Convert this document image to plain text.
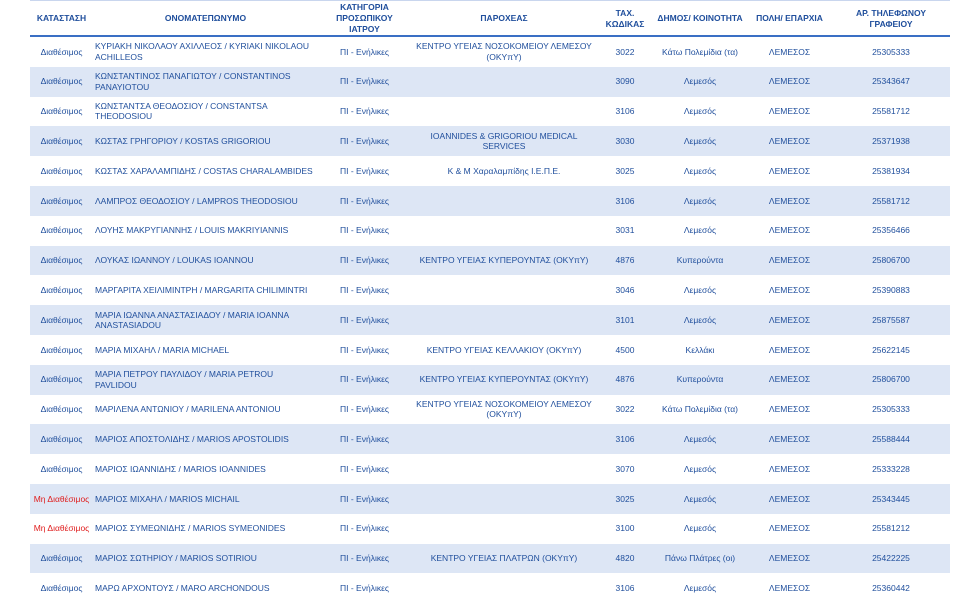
ΚΑΤΑΣΤΑΣΗ	ΟΝΟΜΑΤΕΠΩΝΥΜΟ	ΚΑΤΗΓΟΡΙΑ ΠΡΟΣΩΠΙΚΟΥ ΙΑΤΡΟΥ	ΠΑΡΟΧΕΑΣ	ΤΑΧ. ΚΩΔΙΚΑΣ	ΔΗΜΟΣ/ ΚΟΙΝΟΤΗΤΑ	ΠΟΛΗ/ ΕΠΑΡΧΙΑ	ΑΡ. ΤΗΛΕΦΩΝΟΥ ΓΡΑΦΕΙΟΥ
Διαθέσιμος	ΚΥΡΙΑΚΗ ΝΙΚΟΛΑΟΥ ΑΧΙΛΛΕΟΣ / KYRIAKI NIKOLAOU ACHILLEOS	ΠΙ - Ενήλικες	ΚΕΝΤΡΟ ΥΓΕΙΑΣ ΝΟΣΟΚΟΜΕΙΟΥ ΛΕΜΕΣΟΥ (ΟΚΥπΥ)	3022	Κάτω Πολεμίδια (τα)	ΛΕΜΕΣΟΣ	25305333
Διαθέσιμος	ΚΩΝΣΤΑΝΤΙΝΟΣ ΠΑΝΑΓΙΩΤΟΥ / CONSTANTINOS PANAYIOTOU	ΠΙ - Ενήλικες		3090	Λεμεσός	ΛΕΜΕΣΟΣ	25343647
Διαθέσιμος	ΚΩΝΣΤΑΝΤΣΑ ΘΕΟΔΟΣΙΟΥ / CONSTANTSA THEODOSIOU	ΠΙ - Ενήλικες		3106	Λεμεσός	ΛΕΜΕΣΟΣ	25581712
Διαθέσιμος	ΚΩΣΤΑΣ ΓΡΗΓΟΡΙΟΥ / KOSTAS GRIGORIOU	ΠΙ - Ενήλικες	IOANNIDES & GRIGORIOU MEDICAL SERVICES	3030	Λεμεσός	ΛΕΜΕΣΟΣ	25371938
Διαθέσιμος	ΚΩΣΤΑΣ ΧΑΡΑΛΑΜΠΙΔΗΣ / COSTAS CHARALAMBIDES	ΠΙ - Ενήλικες	Κ & Μ Χαραλαμπίδης Ι.Ε.Π.Ε.	3025	Λεμεσός	ΛΕΜΕΣΟΣ	25381934
Διαθέσιμος	ΛΑΜΠΡΟΣ ΘΕΟΔΟΣΙΟΥ / LAMPROS THEODOSIOU	ΠΙ - Ενήλικες		3106	Λεμεσός	ΛΕΜΕΣΟΣ	25581712
Διαθέσιμος	ΛΟΥΗΣ ΜΑΚΡΥΓΙΑΝΝΗΣ / LOUIS MAKRIYIANNIS	ΠΙ - Ενήλικες		3031	Λεμεσός	ΛΕΜΕΣΟΣ	25356466
Διαθέσιμος	ΛΟΥΚΑΣ ΙΩΑΝΝΟΥ / LOUKAS IOANNOU	ΠΙ - Ενήλικες	ΚΕΝΤΡΟ ΥΓΕΙΑΣ ΚΥΠΕΡΟΥΝΤΑΣ (ΟΚΥπΥ)	4876	Κυπερούντα	ΛΕΜΕΣΟΣ	25806700
Διαθέσιμος	ΜΑΡΓΑΡΙΤΑ ΧΕΙΛΙΜΙΝΤΡΗ / MARGARITA CHILIMINTRI	ΠΙ - Ενήλικες		3046	Λεμεσός	ΛΕΜΕΣΟΣ	25390883
Διαθέσιμος	ΜΑΡΙΑ ΙΩΑΝΝΑ ΑΝΑΣΤΑΣΙΑΔΟΥ / MARIA IOANNA ANASTASIADOU	ΠΙ - Ενήλικες		3101	Λεμεσός	ΛΕΜΕΣΟΣ	25875587
Διαθέσιμος	ΜΑΡΙΑ ΜΙΧΑΗΛ / MARIA MICHAEL	ΠΙ - Ενήλικες	ΚΕΝΤΡΟ ΥΓΕΙΑΣ ΚΕΛΛΑΚΙΟΥ (ΟΚΥπΥ)	4500	Κελλάκι	ΛΕΜΕΣΟΣ	25622145
Διαθέσιμος	ΜΑΡΙΑ ΠΕΤΡΟΥ ΠΑΥΛΙΔΟΥ / MARIA PETROU PAVLIDOU	ΠΙ - Ενήλικες	ΚΕΝΤΡΟ ΥΓΕΙΑΣ ΚΥΠΕΡΟΥΝΤΑΣ (ΟΚΥπΥ)	4876	Κυπερούντα	ΛΕΜΕΣΟΣ	25806700
Διαθέσιμος	ΜΑΡΙΛΕΝΑ ΑΝΤΩΝΙΟΥ / MARILENA ANTONIOU	ΠΙ - Ενήλικες	ΚΕΝΤΡΟ ΥΓΕΙΑΣ ΝΟΣΟΚΟΜΕΙΟΥ ΛΕΜΕΣΟΥ (ΟΚΥπΥ)	3022	Κάτω Πολεμίδια (τα)	ΛΕΜΕΣΟΣ	25305333
Διαθέσιμος	ΜΑΡΙΟΣ ΑΠΟΣΤΟΛΙΔΗΣ / MARIOS APOSTOLIDIS	ΠΙ - Ενήλικες		3106	Λεμεσός	ΛΕΜΕΣΟΣ	25588444
Διαθέσιμος	ΜΑΡΙΟΣ ΙΩΑΝΝΙΔΗΣ / MARIOS IOANNIDES	ΠΙ - Ενήλικες		3070	Λεμεσός	ΛΕΜΕΣΟΣ	25333228
Μη Διαθέσιμος	ΜΑΡΙΟΣ ΜΙΧΑΗΛ / MARIOS MICHAIL	ΠΙ - Ενήλικες		3025	Λεμεσός	ΛΕΜΕΣΟΣ	25343445
Μη Διαθέσιμος	ΜΑΡΙΟΣ ΣΥΜΕΩΝΙΔΗΣ / MARIOS SYMEONIDES	ΠΙ - Ενήλικες		3100	Λεμεσός	ΛΕΜΕΣΟΣ	25581212
Διαθέσιμος	ΜΑΡΙΟΣ ΣΩΤΗΡΙΟΥ / MARIOS SOTIRIOU	ΠΙ - Ενήλικες	ΚΕΝΤΡΟ ΥΓΕΙΑΣ ΠΛΑΤΡΩΝ (ΟΚΥπΥ)	4820	Πάνω Πλάτρες (οι)	ΛΕΜΕΣΟΣ	25422225
Διαθέσιμος	ΜΑΡΩ ΑΡΧΟΝΤΟΥΣ / MARO ARCHONDOUS	ΠΙ - Ενήλικες		3106	Λεμεσός	ΛΕΜΕΣΟΣ	25360442
